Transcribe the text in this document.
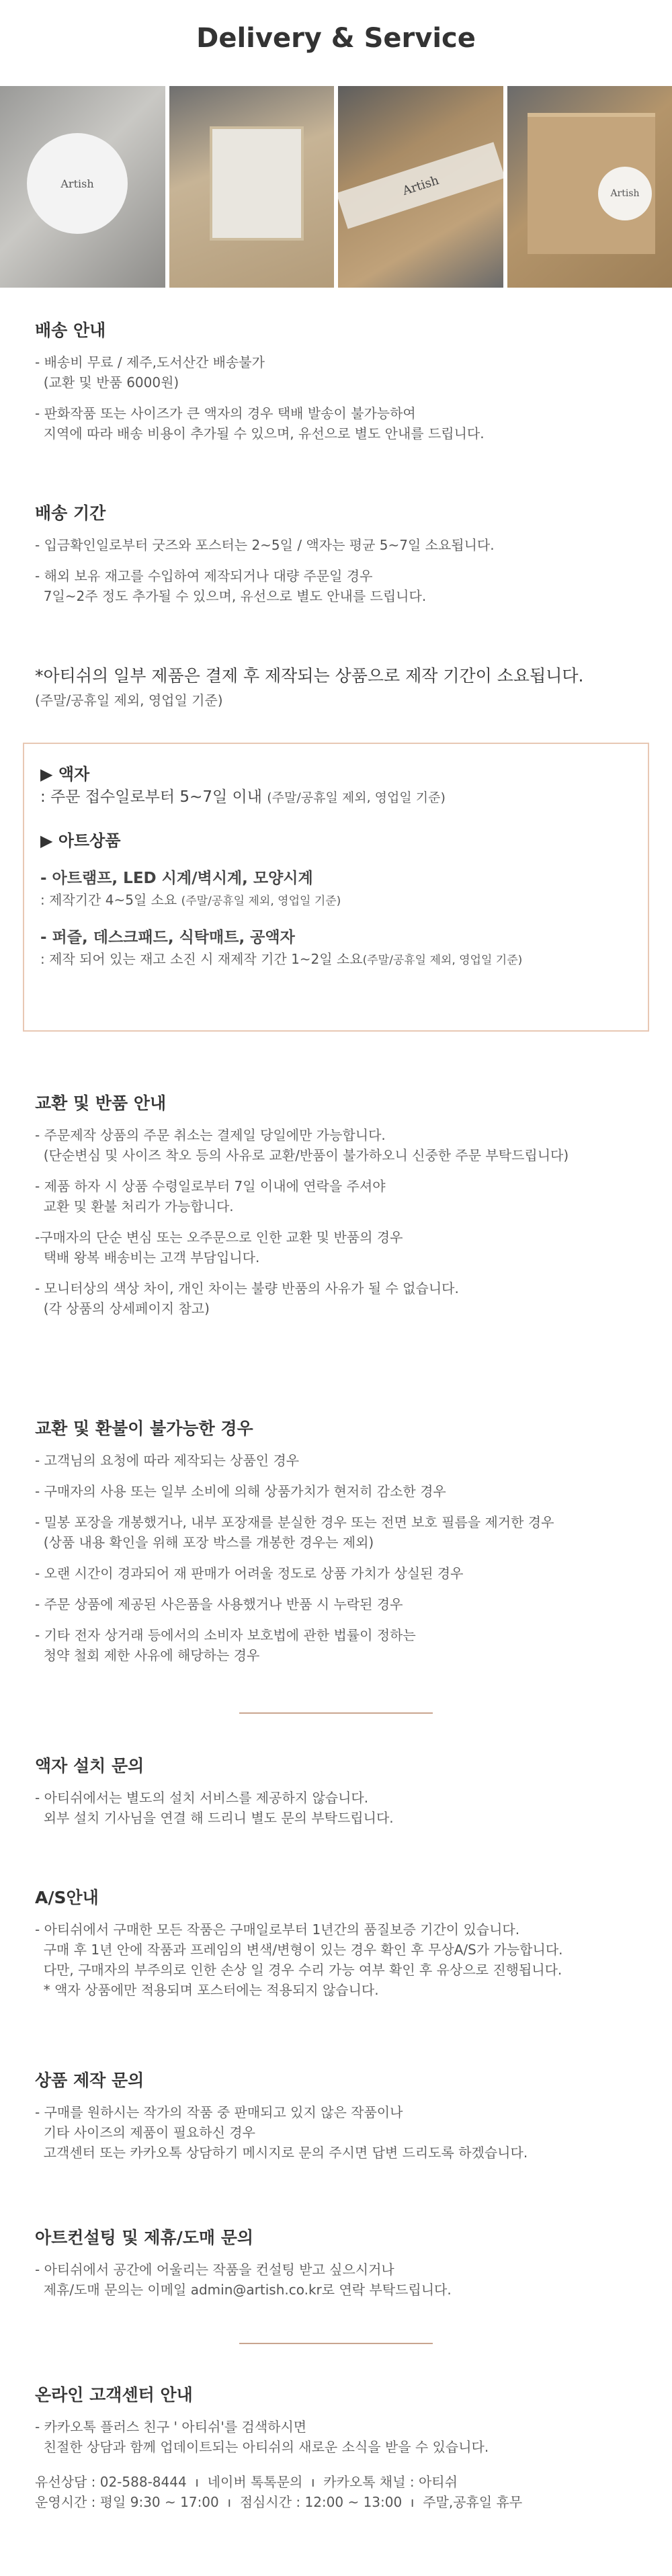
Delivery & Service
Artish	Artish	Artish
배송 안내

- 배송비 무료 / 제주,도서산간 배송불가

(교환 및 반품 6000원)

- 판화작품 또는 사이즈가 큰 액자의 경우 택배 발송이 불가능하여

지역에 따라 배송 비용이 추가될 수 있으며, 유선으로 별도 안내를 드립니다.

배송 기간

- 입금확인일로부터 굿즈와 포스터는 2~5일 / 액자는 평균 5~7일 소요됩니다.

- 해외 보유 재고를 수입하여 제작되거나 대량 주문일 경우

7일~2주 정도 추가될 수 있으며, 유선으로 별도 안내를 드립니다.

*아티쉬의 일부 제품은 결제 후 제작되는 상품으로 제작 기간이 소요됩니다.

(주말/공휴일 제외, 영업일 기준)

▶ 액자

: 주문 접수일로부터 5~7일 이내 (주말/공휴일 제외, 영업일 기준)

▶ 아트상품

- 아트램프, LED 시계/벽시계, 모양시계

: 제작기간 4~5일 소요 (주말/공휴일 제외, 영업일 기준)

- 퍼즐, 데스크패드, 식탁매트, 공액자

: 제작 되어 있는 재고 소진 시 재제작 기간 1~2일 소요(주말/공휴일 제외, 영업일 기준)

교환 및 반품 안내

- 주문제작 상품의 주문 취소는 결제일 당일에만 가능합니다.

(단순변심 및 사이즈 착오 등의 사유로 교환/반품이 불가하오니 신중한 주문 부탁드립니다)

- 제품 하자 시 상품 수령일로부터 7일 이내에 연락을 주셔야

교환 및 환불 처리가 가능합니다.

-구매자의 단순 변심 또는 오주문으로 인한 교환 및 반품의 경우

택배 왕복 배송비는 고객 부담입니다.

- 모니터상의 색상 차이, 개인 차이는 불량 반품의 사유가 될 수 없습니다.

(각 상품의 상세페이지 참고)

교환 및 환불이 불가능한 경우

- 고객님의 요청에 따라 제작되는 상품인 경우

- 구매자의 사용 또는 일부 소비에 의해 상품가치가 현저히 감소한 경우

- 밀봉 포장을 개봉했거나, 내부 포장재를 분실한 경우 또는 전면 보호 필름을 제거한 경우

(상품 내용 확인을 위해 포장 박스를 개봉한 경우는 제외)

- 오랜 시간이 경과되어 재 판매가 어려울 정도로 상품 가치가 상실된 경우

- 주문 상품에 제공된 사은품을 사용했거나 반품 시 누락된 경우

- 기타 전자 상거래 등에서의 소비자 보호법에 관한 법률이 정하는

청약 철회 제한 사유에 해당하는 경우

액자 설치 문의

- 아티쉬에서는 별도의 설치 서비스를 제공하지 않습니다.

외부 설치 기사님을 연결 해 드리니 별도 문의 부탁드립니다.

A/S안내

- 아티쉬에서 구매한 모든 작품은 구매일로부터 1년간의 품질보증 기간이 있습니다.

구매 후 1년 안에 작품과 프레임의 변색/변형이 있는 경우 확인 후 무상A/S가 가능합니다.

다만, 구매자의 부주의로 인한 손상 일 경우 수리 가능 여부 확인 후 유상으로 진행됩니다.

* 액자 상품에만 적용되며 포스터에는 적용되지 않습니다.

상품 제작 문의

- 구매를 원하시는 작가의 작품 중 판매되고 있지 않은 작품이나

기타 사이즈의 제품이 필요하신 경우

고객센터 또는 카카오톡 상담하기 메시지로 문의 주시면 답변 드리도록 하겠습니다.

아트컨설팅 및 제휴/도매 문의

- 아티쉬에서 공간에 어울리는 작품을 컨설팅 받고 싶으시거나

제휴/도매 문의는 이메일 admin@artish.co.kr로 연락 부탁드립니다.

온라인 고객센터 안내

- 카카오톡 플러스 친구 ' 아티쉬'를 검색하시면

친절한 상담과 함께 업데이트되는 아티쉬의 새로운 소식을 받을 수 있습니다.

유선상담 : 02-588-8444  ı  네이버 톡톡문의  ı  카카오톡 채널 : 아티쉬

운영시간 : 평일 9:30 ~ 17:00  ı  점심시간 : 12:00 ~ 13:00  ı  주말,공휴일 휴무
